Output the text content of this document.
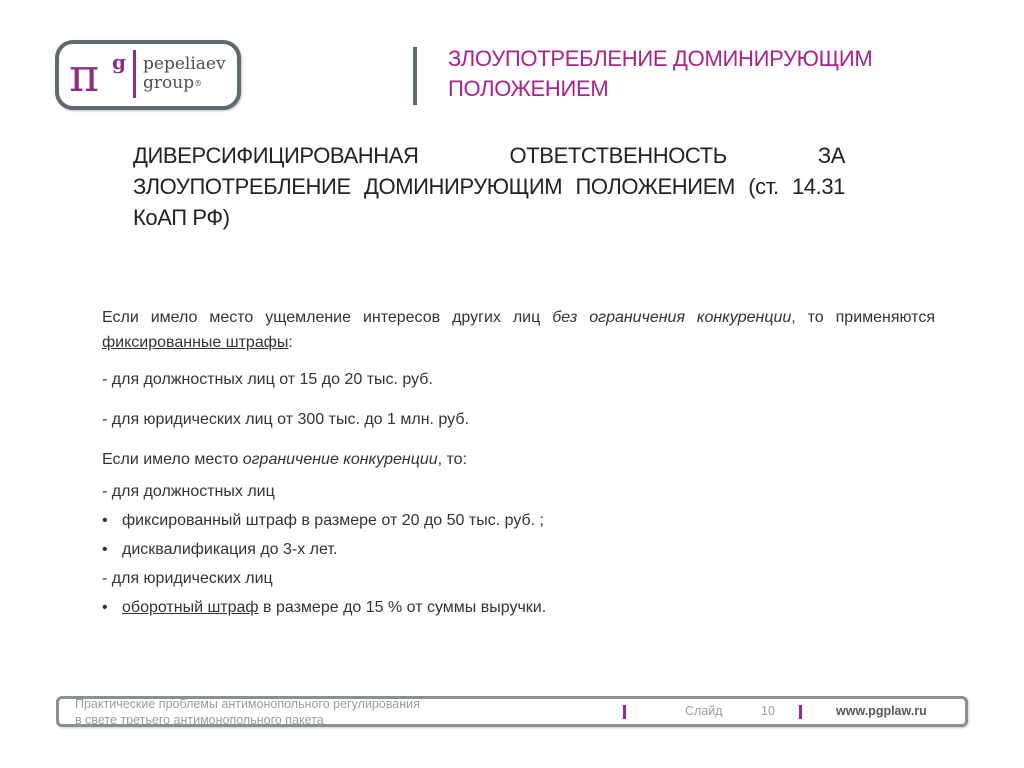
π g pepeliaev
group®
ЗЛОУПОТРЕБЛЕНИЕ ДОМИНИРУЮЩИМ
ПОЛОЖЕНИЕМ
ДИВЕРСИФИЦИРОВАННАЯ ОТВЕТСТВЕННОСТЬ ЗА ЗЛОУПОТРЕБЛЕНИЕ ДОМИНИРУЮЩИМ ПОЛОЖЕНИЕМ (ст. 14.31 КоАП РФ)

Если имело место ущемление интересов других лиц без ограничения конкуренции, то применяются фиксированные штрафы:

- для должностных лиц от 15 до 20 тыс. руб.

- для юридических лиц от 300 тыс. до 1 млн. руб.

Если имело место ограничение конкуренции, то:

- для должностных лиц

• фиксированный штраф в размере от 20 до 50 тыс. руб. ;

• дисквалификация до 3-х лет.

- для юридических лиц

• оборотный штраф в размере до 15 % от суммы выручки.

Практические проблемы антимонопольного регулирования
в свете третьего антимонопольного пакета
Слайд	10	www.pgplaw.ru
